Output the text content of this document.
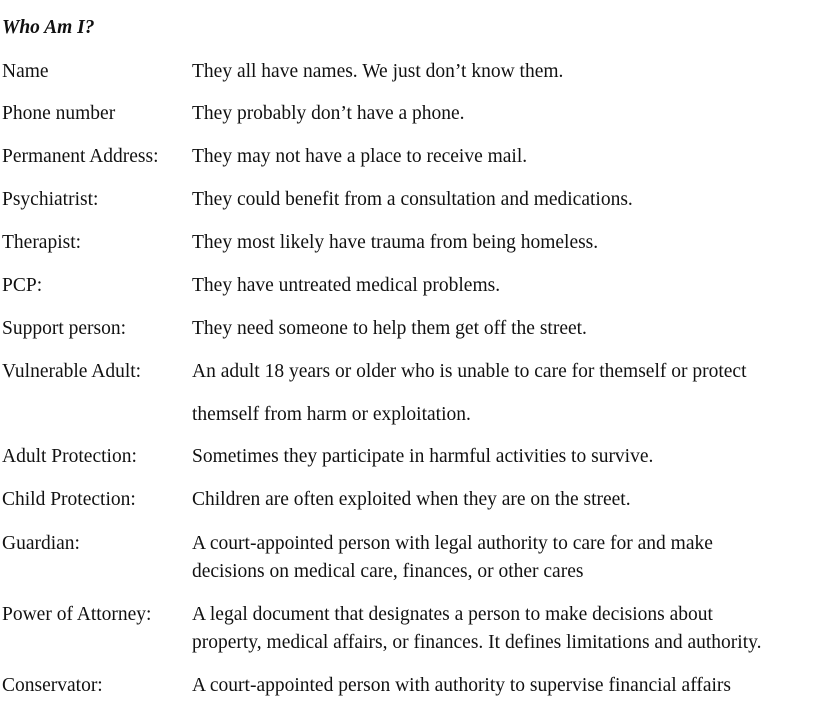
Who Am I?
Name	They all have names. We just don’t know them.
Phone number	They probably don’t have a phone.
Permanent Address: They may not have a place to receive mail.
Psychiatrist:	They could benefit from a consultation and medications.
Therapist:	They most likely have trauma from being homeless.
PCP:	They have untreated medical problems.
Support person:	They need someone to help them get off the street.
Vulnerable Adult:	An adult 18 years or older who is unable to care for themself or protect
themself from harm or exploitation.
Adult Protection:	Sometimes they participate in harmful activities to survive.
Child Protection:	Children are often exploited when they are on the street.
Guardian:	A court-appointed person with legal authority to care for and make
decisions on medical care, finances, or other cares
Power of Attorney: A legal document that designates a person to make decisions about
property, medical affairs, or finances. It defines limitations and authority.
Conservator:	A court-appointed person with authority to supervise financial affairs
